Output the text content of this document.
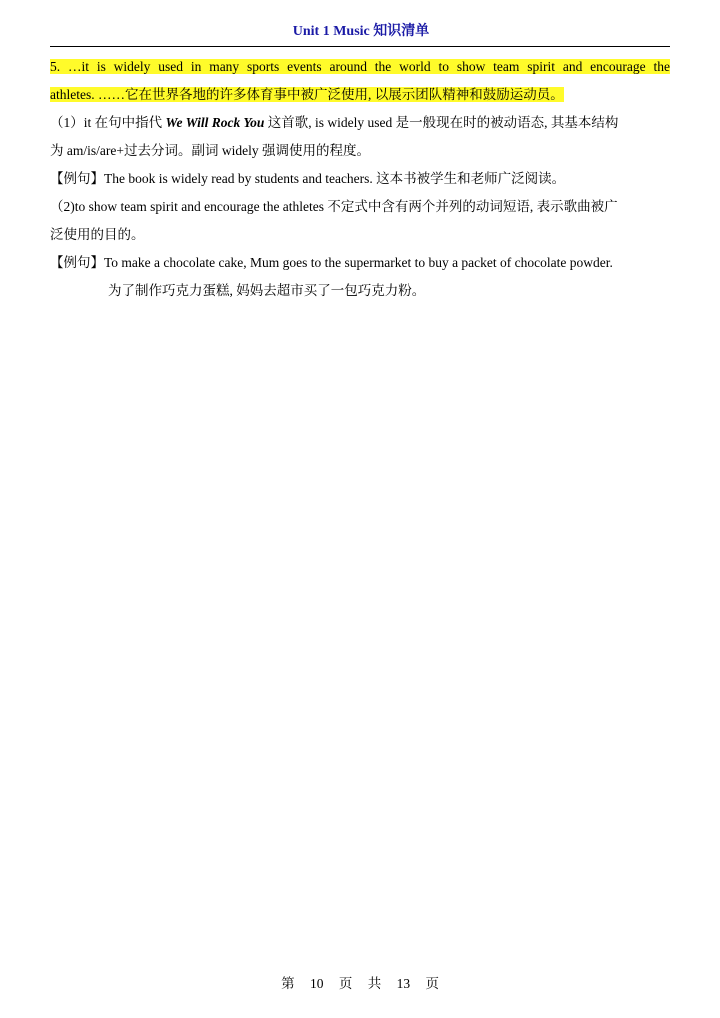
Unit 1 Music 知识清单
5. …it is widely used in many sports events around the world to show team spirit and encourage the
athletes. ……它在世界各地的许多体育事中被广泛使用, 以展示团队精神和鼓励运动员。
（1）it 在句中指代 We Will Rock You 这首歌, is widely used 是一般现在时的被动语态, 其基本结构
为 am/is/are+过去分词。副词 widely 强调使用的程度。
【例句】The book is widely read by students and teachers. 这本书被学生和老师广泛阅读。
（2)to show team spirit and encourage the athletes 不定式中含有两个并列的动词短语, 表示歌曲被广
泛使用的目的。
【例句】To make a chocolate cake, Mum goes to the supermarket to buy a packet of chocolate powder.
为了制作巧克力蛋糕, 妈妈去超市买了一包巧克力粉。
第 10 页 共 13 页
